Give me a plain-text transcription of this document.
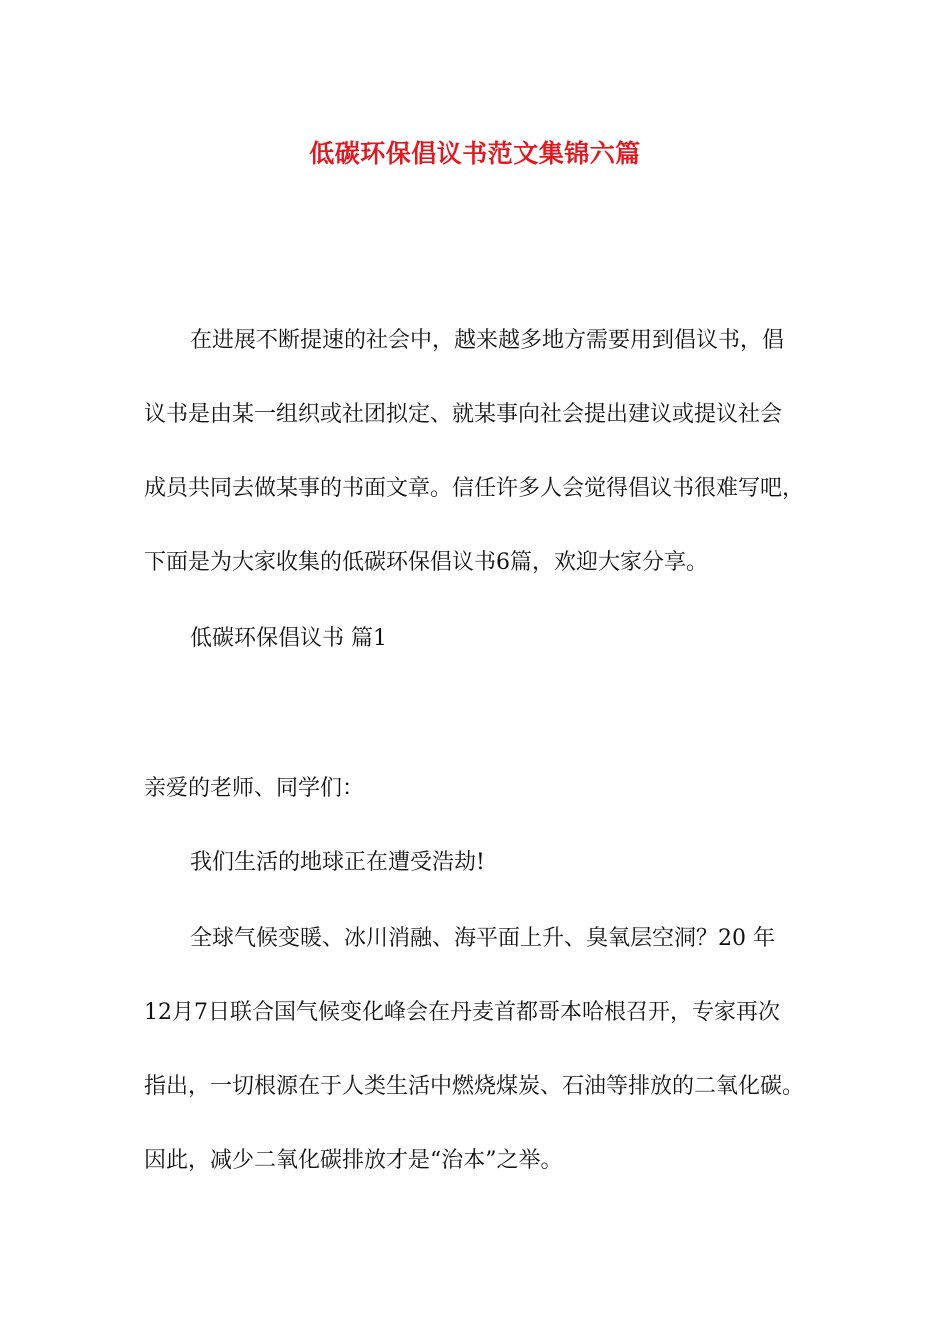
低碳环保倡议书范文集锦六篇
在进展不断提速的社会中，越来越多地方需要用到倡议书，倡
议书是由某一组织或社团拟定、就某事向社会提出建议或提议社会
成员共同去做某事的书面文章。信任许多人会觉得倡议书很难写吧，
下面是为大家收集的低碳环保倡议书6篇，欢迎大家分享。
低碳环保倡议书 篇1
亲爱的老师、同学们：
我们生活的地球正在遭受浩劫!
全球气候变暖、冰川消融、海平面上升、臭氧层空洞？20 年
12月7日联合国气候变化峰会在丹麦首都哥本哈根召开，专家再次
指出，一切根源在于人类生活中燃烧煤炭、石油等排放的二氧化碳。
因此，减少二氧化碳排放才是“治本”之举。
